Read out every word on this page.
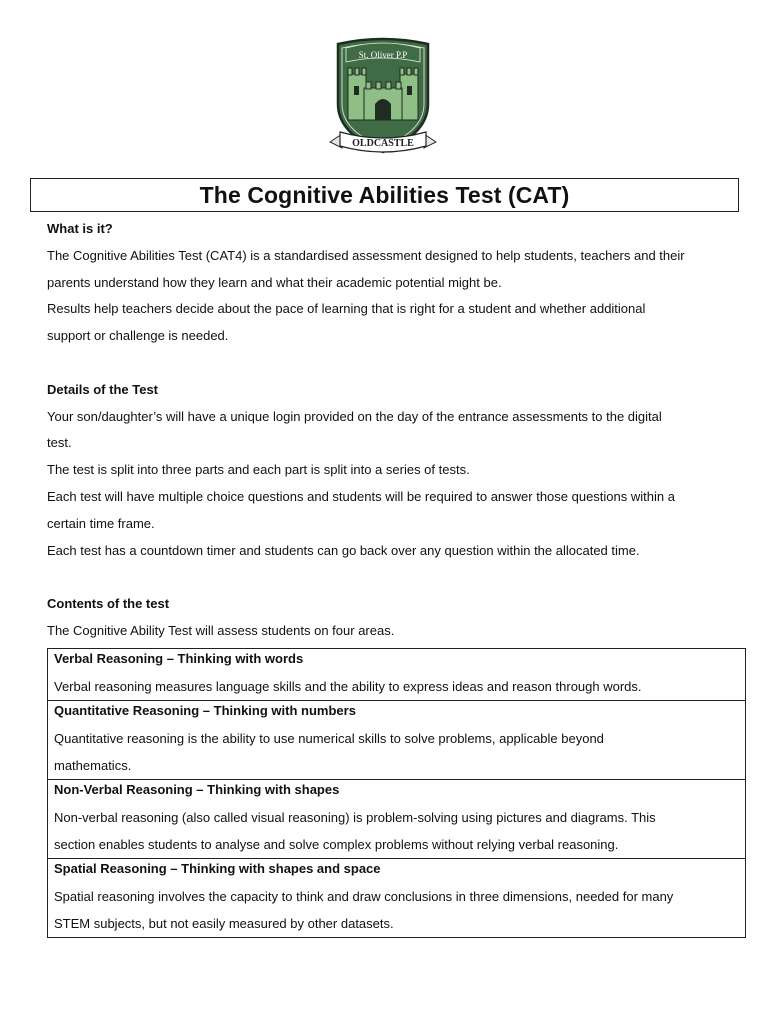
St. Oliver P.P
OLDCASTLE
The Cognitive Abilities Test (CAT)
What is it?
The Cognitive Abilities Test (CAT4) is a standardised assessment designed to help students, teachers and their
parents understand how they learn and what their academic potential might be.
Results help teachers decide about the pace of learning that is right for a student and whether additional
support or challenge is needed.
Details of the Test
Your son/daughter’s will have a unique login provided on the day of the entrance assessments to the digital
test.
The test is split into three parts and each part is split into a series of tests.
Each test will have multiple choice questions and students will be required to answer those questions within a
certain time frame.
Each test has a countdown timer and students can go back over any question within the allocated time.
Contents of the test
The Cognitive Ability Test will assess students on four areas.
Verbal Reasoning – Thinking with words
Verbal reasoning measures language skills and the ability to express ideas and reason through words.
Quantitative Reasoning – Thinking with numbers
Quantitative reasoning is the ability to use numerical skills to solve problems, applicable beyond
mathematics.
Non-Verbal Reasoning – Thinking with shapes
Non-verbal reasoning (also called visual reasoning) is problem-solving using pictures and diagrams. This
section enables students to analyse and solve complex problems without relying verbal reasoning.
Spatial Reasoning – Thinking with shapes and space
Spatial reasoning involves the capacity to think and draw conclusions in three dimensions, needed for many
STEM subjects, but not easily measured by other datasets.
